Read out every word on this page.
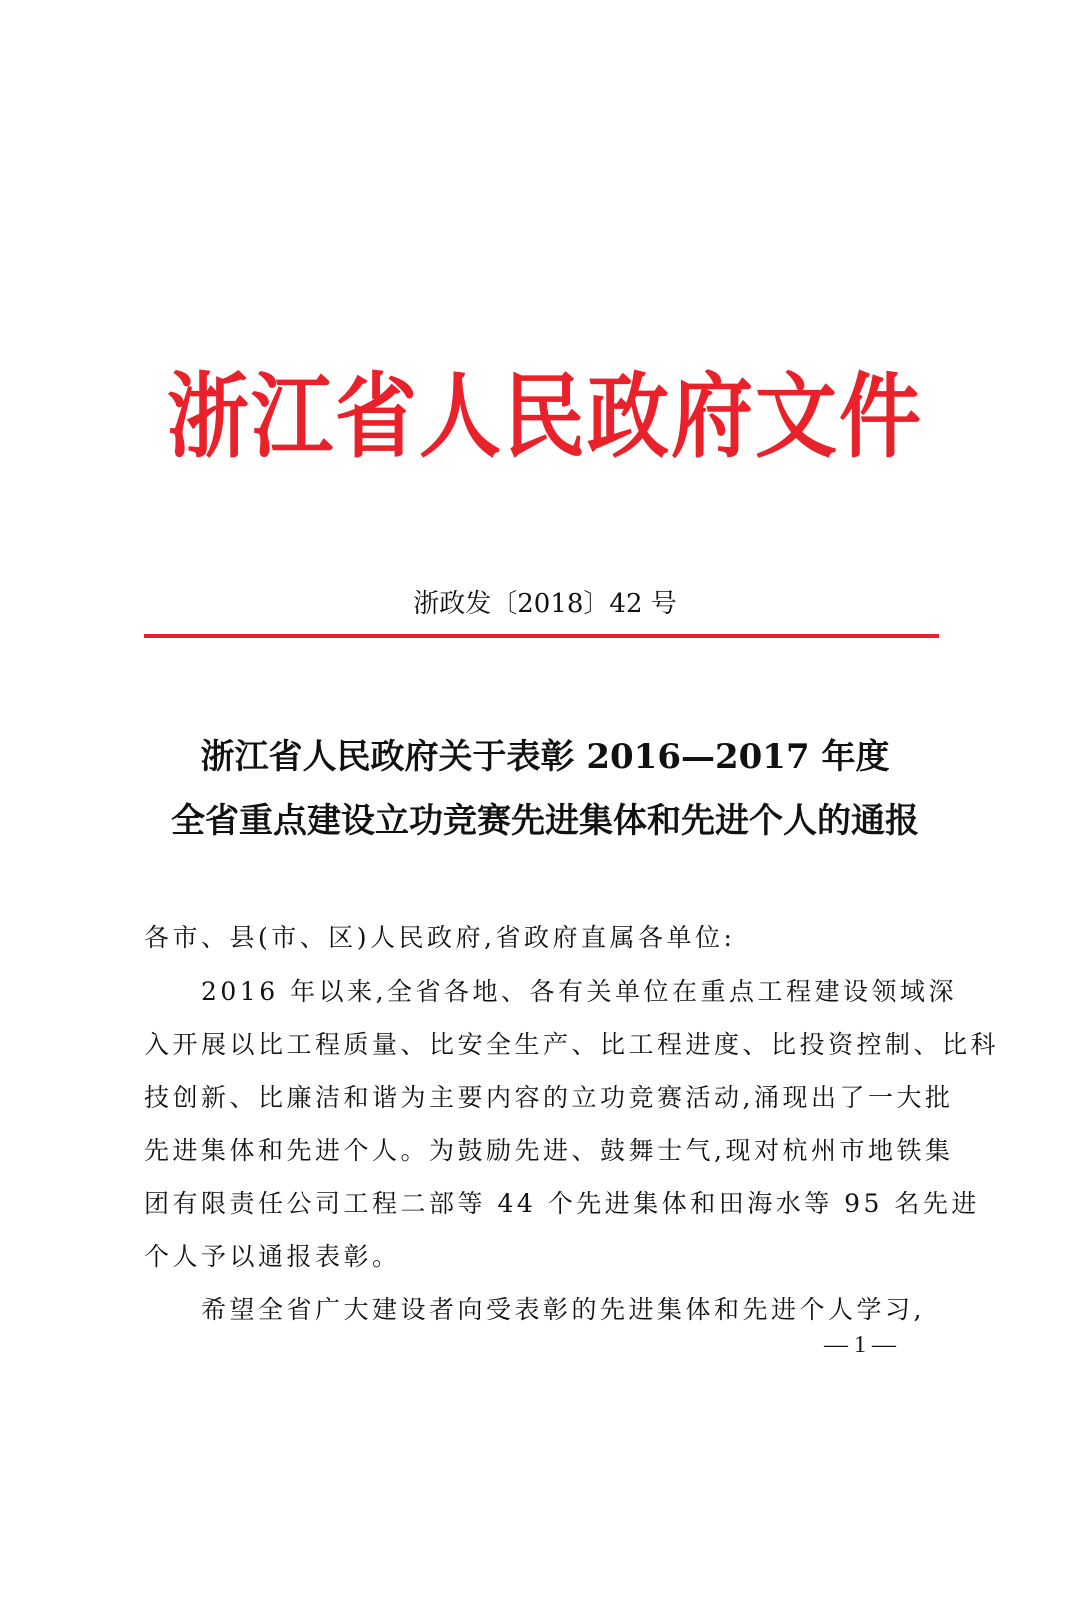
浙江省人民政府文件
浙政发〔2018〕42 号
浙江省人民政府关于表彰 2016—2017 年度
全省重点建设立功竞赛先进集体和先进个人的通报
各市、县(市、区)人民政府,省政府直属各单位:
　　2016 年以来,全省各地、各有关单位在重点工程建设领域深
入开展以比工程质量、比安全生产、比工程进度、比投资控制、比科
技创新、比廉洁和谐为主要内容的立功竞赛活动,涌现出了一大批
先进集体和先进个人。为鼓励先进、鼓舞士气,现对杭州市地铁集
团有限责任公司工程二部等 44 个先进集体和田海水等 95 名先进
个人予以通报表彰。
　　希望全省广大建设者向受表彰的先进集体和先进个人学习,
— 1 —
